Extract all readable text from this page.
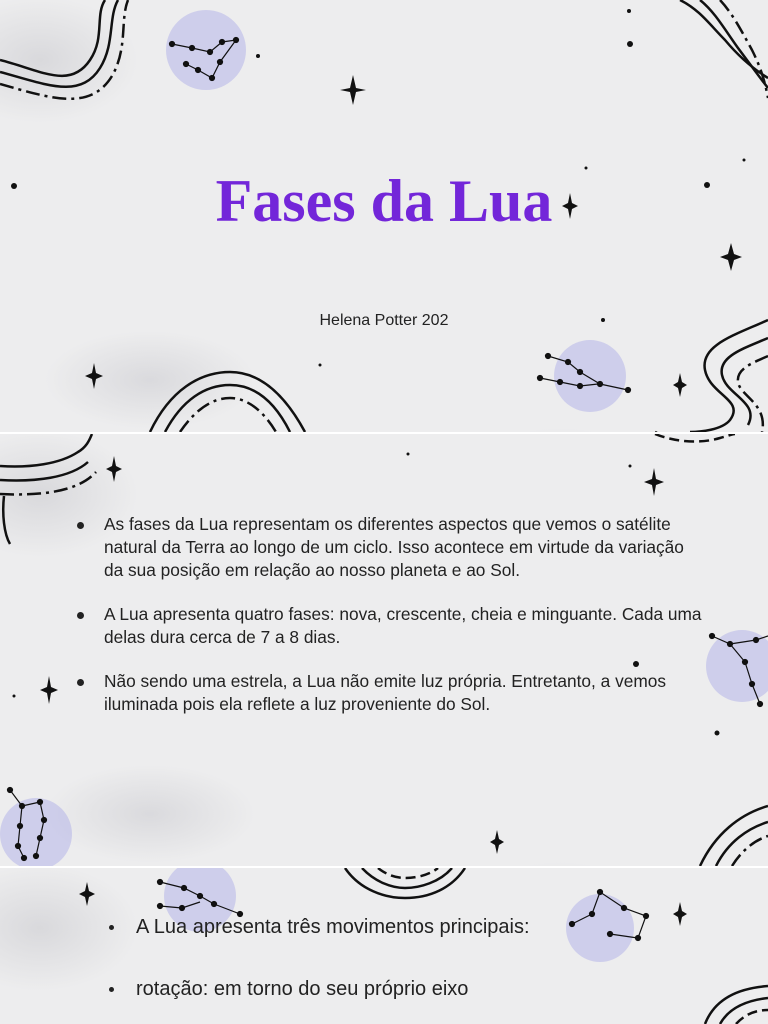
Fases da Lua
Helena Potter 202
As fases da Lua representam os diferentes aspectos que vemos o satélite natural da Terra ao longo de um ciclo. Isso acontece em virtude da variação da sua posição em relação ao nosso planeta e ao Sol.
A Lua apresenta quatro fases: nova, crescente, cheia e minguante. Cada uma delas dura cerca de 7 a 8 dias.
Não sendo uma estrela, a Lua não emite luz própria. Entretanto, a vemos iluminada pois ela reflete a luz proveniente do Sol.
A Lua apresenta três movimentos principais:
rotação: em torno do seu próprio eixo
